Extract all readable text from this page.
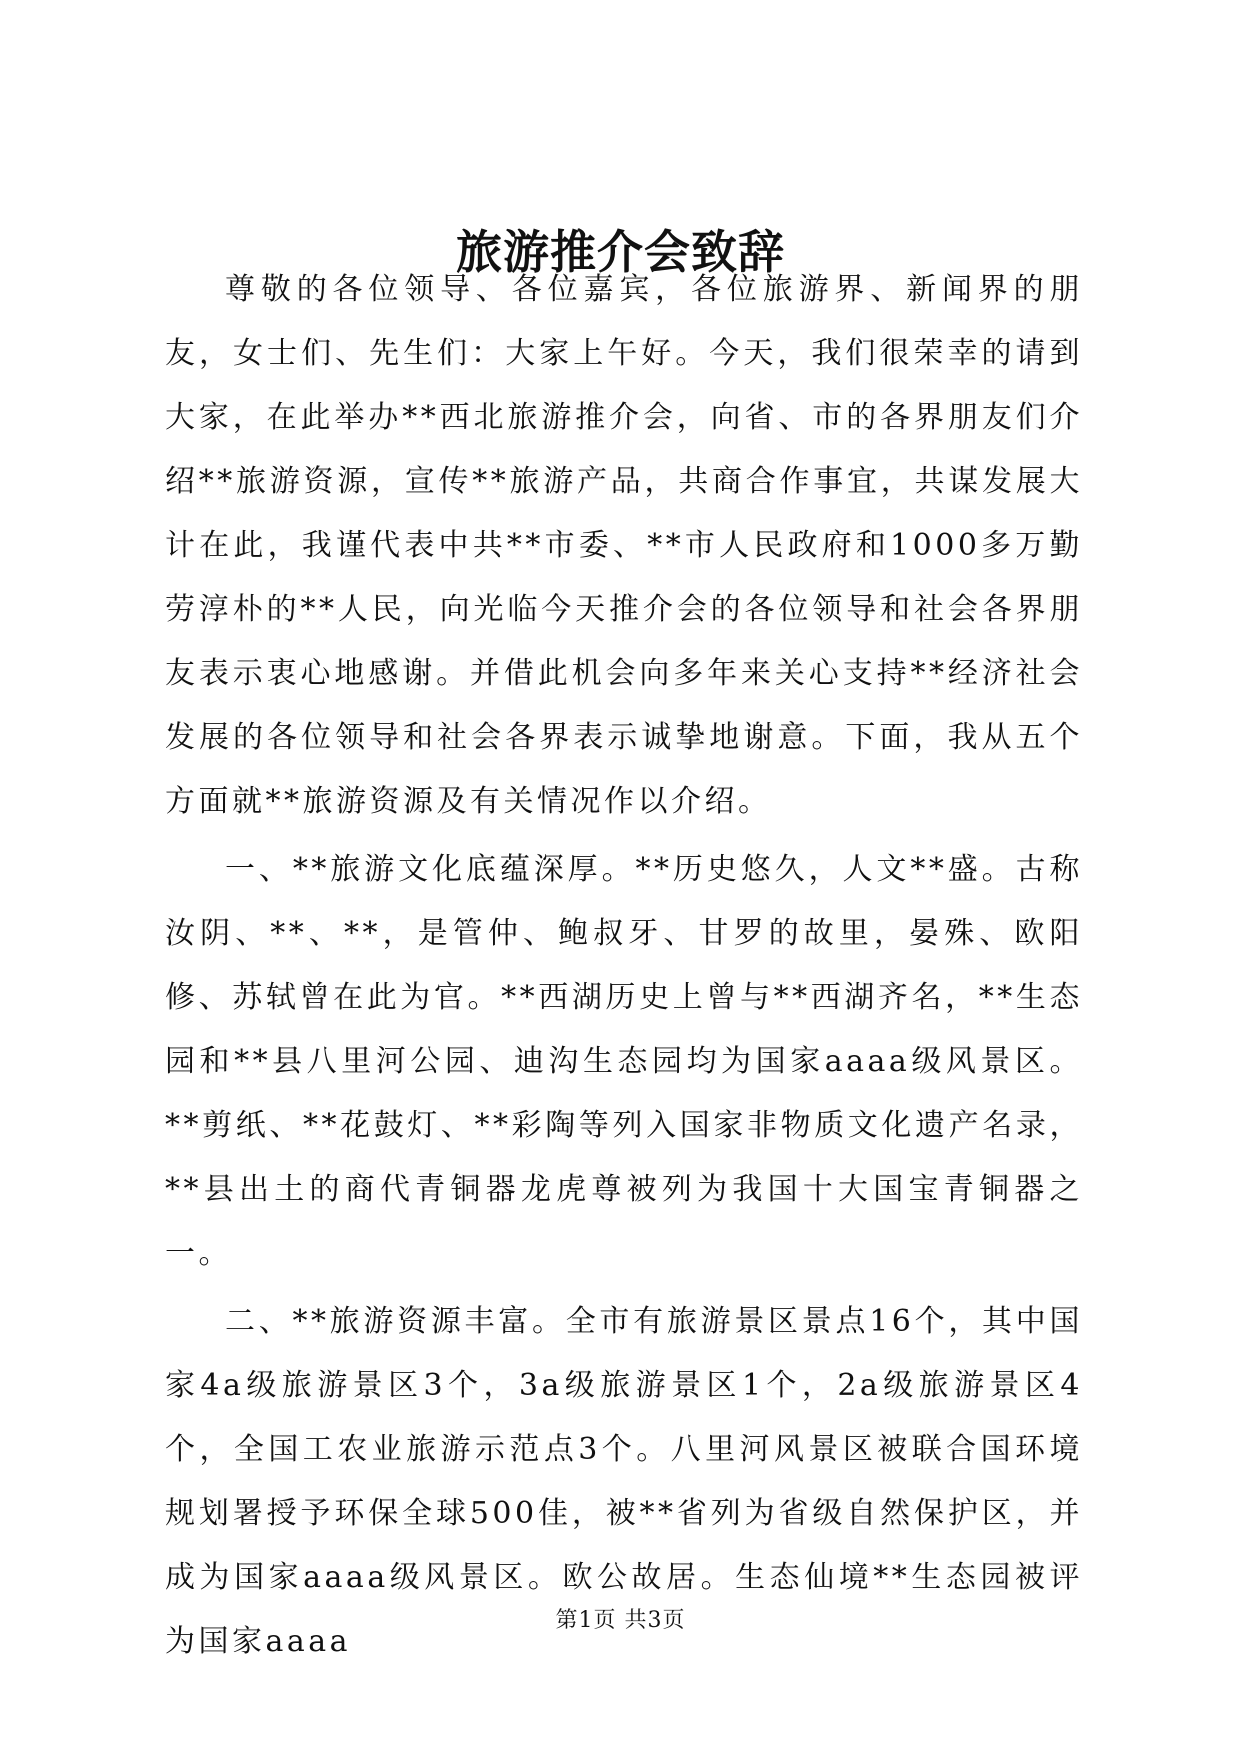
旅游推介会致辞

尊敬的各位领导、各位嘉宾，各位旅游界、新闻界的朋友，女士们、先生们：大家上午好。今天，我们很荣幸的请到大家，在此举办**西北旅游推介会，向省、市的各界朋友们介绍**旅游资源，宣传**旅游产品，共商合作事宜，共谋发展大计在此，我谨代表中共**市委、**市人民政府和1000多万勤劳淳朴的**人民，向光临今天推介会的各位领导和社会各界朋友表示衷心地感谢。并借此机会向多年来关心支持**经济社会发展的各位领导和社会各界表示诚挚地谢意。下面，我从五个方面就**旅游资源及有关情况作以介绍。

一、**旅游文化底蕴深厚。**历史悠久，人文**盛。古称汝阴、**、**，是管仲、鲍叔牙、甘罗的故里，晏殊、欧阳修、苏轼曾在此为官。**西湖历史上曾与**西湖齐名，**生态园和**县八里河公园、迪沟生态园均为国家aaaa级风景区。**剪纸、**花鼓灯、**彩陶等列入国家非物质文化遗产名录，**县出土的商代青铜器龙虎尊被列为我国十大国宝青铜器之一。

二、**旅游资源丰富。全市有旅游景区景点16个，其中国家4a级旅游景区3个，3a级旅游景区1个，2a级旅游景区4个，全国工农业旅游示范点3个。八里河风景区被联合国环境规划署授予环保全球500佳，被**省列为省级自然保护区，并成为国家aaaa级风景区。欧公故居。生态仙境**生态园被评为国家aaaa

第1页 共3页
